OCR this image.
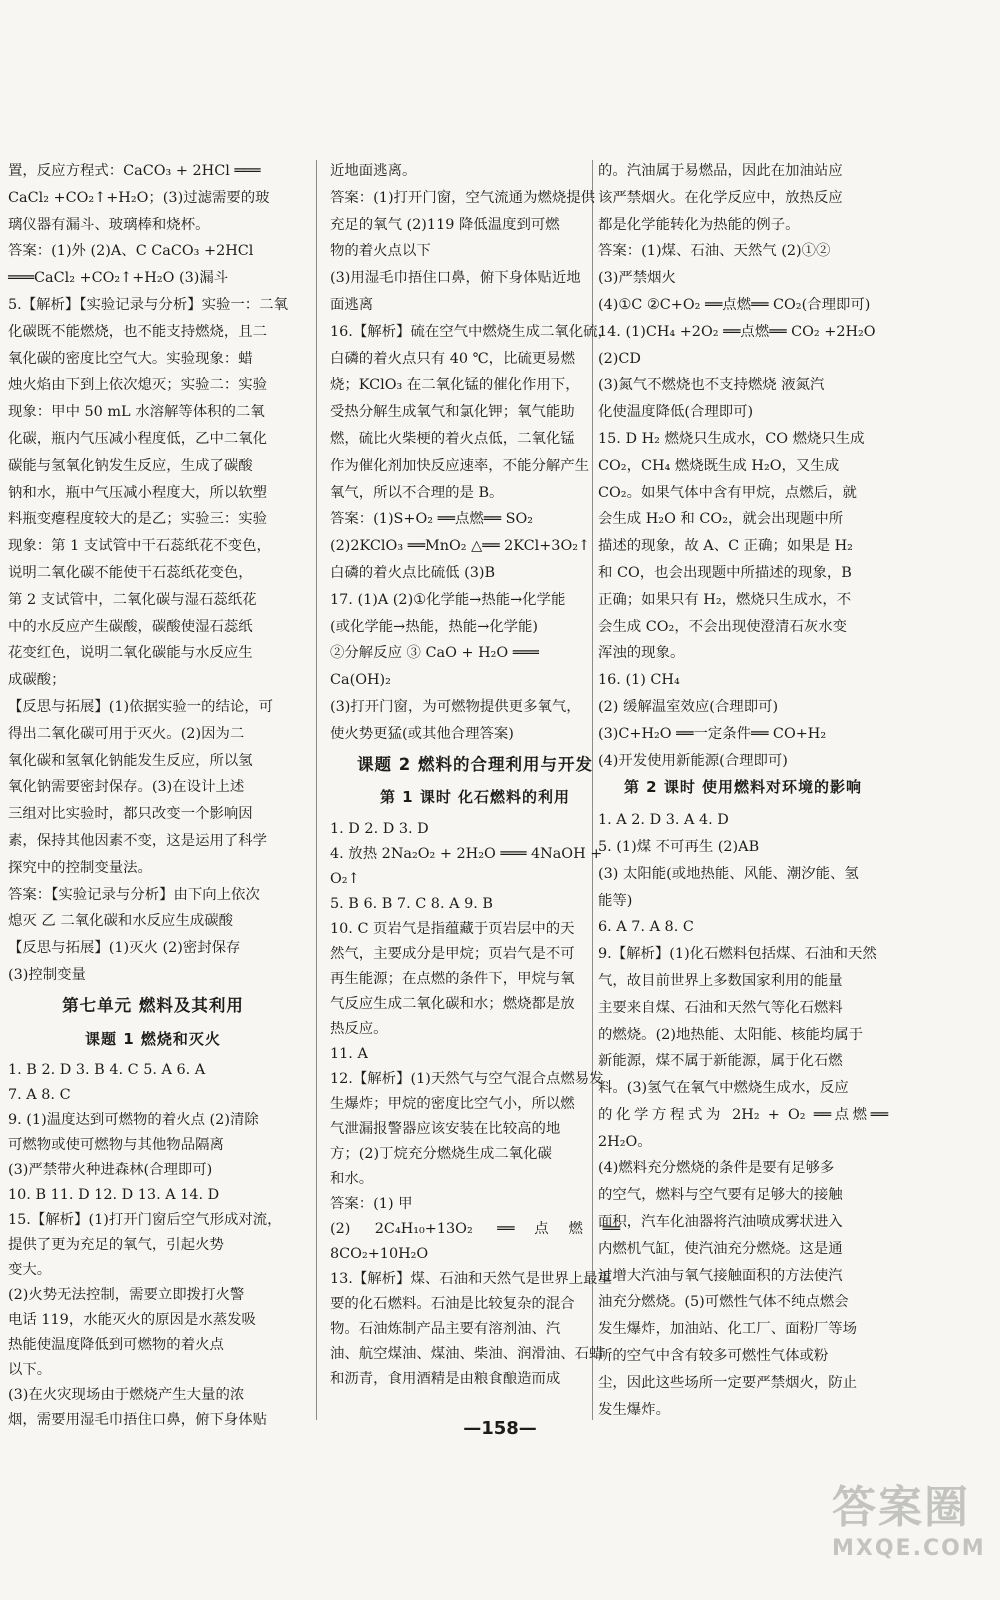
置，反应方程式：CaCO₃ + 2HCl ═══

CaCl₂ +CO₂↑+H₂O；(3)过滤需要的玻

璃仪器有漏斗、玻璃棒和烧杯。

答案：(1)外 (2)A、C CaCO₃ +2HCl

═══CaCl₂ +CO₂↑+H₂O (3)漏斗

5.【解析】【实验记录与分析】实验一：二氧

化碳既不能燃烧，也不能支持燃烧，且二

氧化碳的密度比空气大。实验现象：蜡

烛火焰由下到上依次熄灭；实验二：实验

现象：甲中 50 mL 水溶解等体积的二氧

化碳，瓶内气压减小程度低，乙中二氧化

碳能与氢氧化钠发生反应，生成了碳酸

钠和水，瓶中气压减小程度大，所以软塑

料瓶变瘪程度较大的是乙；实验三：实验

现象：第 1 支试管中干石蕊纸花不变色，

说明二氧化碳不能使干石蕊纸花变色，

第 2 支试管中，二氧化碳与湿石蕊纸花

中的水反应产生碳酸，碳酸使湿石蕊纸

花变红色，说明二氧化碳能与水反应生

成碳酸；

【反思与拓展】(1)依据实验一的结论，可

得出二氧化碳可用于灭火。(2)因为二

氧化碳和氢氧化钠能发生反应，所以氢

氧化钠需要密封保存。(3)在设计上述

三组对比实验时，都只改变一个影响因

素，保持其他因素不变，这是运用了科学

探究中的控制变量法。

答案：【实验记录与分析】由下向上依次

熄灭 乙 二氧化碳和水反应生成碳酸

【反思与拓展】(1)灭火 (2)密封保存

(3)控制变量

第七单元 燃料及其利用
课题 1 燃烧和灭火

1. B 2. D 3. B 4. C 5. A 6. A

7. A 8. C

9. (1)温度达到可燃物的着火点 (2)清除

可燃物或使可燃物与其他物品隔离

(3)严禁带火种进森林(合理即可)

10. B 11. D 12. D 13. A 14. D

15.【解析】(1)打开门窗后空气形成对流，

提供了更为充足的氧气，引起火势

变大。

(2)火势无法控制，需要立即拨打火警

电话 119，水能灭火的原因是水蒸发吸

热能使温度降低到可燃物的着火点

以下。

(3)在火灾现场由于燃烧产生大量的浓

烟，需要用湿毛巾捂住口鼻，俯下身体贴

近地面逃离。

答案：(1)打开门窗，空气流通为燃烧提供

充足的氧气 (2)119 降低温度到可燃

物的着火点以下

(3)用湿毛巾捂住口鼻，俯下身体贴近地

面逃离

16.【解析】硫在空气中燃烧生成二氧化硫，

白磷的着火点只有 40 ℃，比硫更易燃

烧；KClO₃ 在二氧化锰的催化作用下，

受热分解生成氧气和氯化钾；氧气能助

燃，硫比火柴梗的着火点低，二氧化锰

作为催化剂加快反应速率，不能分解产生

氧气，所以不合理的是 B。

答案：(1)S+O₂ ══点燃══ SO₂

(2)2KClO₃ ══MnO₂ △══ 2KCl+3O₂↑

白磷的着火点比硫低 (3)B

17. (1)A (2)①化学能→热能→化学能

(或化学能→热能，热能→化学能)

②分解反应 ③ CaO + H₂O ═══

Ca(OH)₂

(3)打开门窗，为可燃物提供更多氧气，

使火势更猛(或其他合理答案)

课题 2 燃料的合理利用与开发
第 1 课时 化石燃料的利用

1. D 2. D 3. D

4. 放热 2Na₂O₂ + 2H₂O ═══ 4NaOH +

O₂↑

5. B 6. B 7. C 8. A 9. B

10. C 页岩气是指蕴藏于页岩层中的天

然气，主要成分是甲烷；页岩气是不可

再生能源；在点燃的条件下，甲烷与氧

气反应生成二氧化碳和水；燃烧都是放

热反应。

11. A

12.【解析】(1)天然气与空气混合点燃易发

生爆炸；甲烷的密度比空气小，所以燃

气泄漏报警器应该安装在比较高的地

方；(2)丁烷充分燃烧生成二氧化碳

和水。

答案：(1) 甲

(2) 2C₄H₁₀+13O₂ ══点燃══ 8CO₂+10H₂O

13.【解析】煤、石油和天然气是世界上最重

要的化石燃料。石油是比较复杂的混合

物。石油炼制产品主要有溶剂油、汽

油、航空煤油、煤油、柴油、润滑油、石蜡

和沥青，食用酒精是由粮食酿造而成

的。汽油属于易燃品，因此在加油站应

该严禁烟火。在化学反应中，放热反应

都是化学能转化为热能的例子。

答案：(1)煤、石油、天然气 (2)①②

(3)严禁烟火

(4)①C ②C+O₂ ══点燃══ CO₂(合理即可)

14. (1)CH₄ +2O₂ ══点燃══ CO₂ +2H₂O

(2)CD

(3)氮气不燃烧也不支持燃烧 液氮汽

化使温度降低(合理即可)

15. D H₂ 燃烧只生成水，CO 燃烧只生成

CO₂，CH₄ 燃烧既生成 H₂O，又生成

CO₂。如果气体中含有甲烷，点燃后，就

会生成 H₂O 和 CO₂，就会出现题中所

描述的现象，故 A、C 正确；如果是 H₂

和 CO，也会出现题中所描述的现象，B

正确；如果只有 H₂，燃烧只生成水，不

会生成 CO₂，不会出现使澄清石灰水变

浑浊的现象。

16. (1) CH₄

(2) 缓解温室效应(合理即可)

(3)C+H₂O ══一定条件══ CO+H₂

(4)开发使用新能源(合理即可)

第 2 课时 使用燃料对环境的影响

1. A 2. D 3. A 4. D

5. (1)煤 不可再生 (2)AB

(3) 太阳能(或地热能、风能、潮汐能、氢

能等)

6. A 7. A 8. C

9.【解析】(1)化石燃料包括煤、石油和天然

气，故目前世界上多数国家利用的能量

主要来自煤、石油和天然气等化石燃料

的燃烧。(2)地热能、太阳能、核能均属于

新能源，煤不属于新能源，属于化石燃

料。(3)氢气在氧气中燃烧生成水，反应

的化学方程式为 2H₂ + O₂ ══点燃══ 2H₂O。

(4)燃料充分燃烧的条件是要有足够多

的空气，燃料与空气要有足够大的接触

面积，汽车化油器将汽油喷成雾状进入

内燃机气缸，使汽油充分燃烧。这是通

过增大汽油与氧气接触面积的方法使汽

油充分燃烧。(5)可燃性气体不纯点燃会

发生爆炸，加油站、化工厂、面粉厂等场

所的空气中含有较多可燃性气体或粉

尘，因此这些场所一定要严禁烟火，防止

发生爆炸。

—158—
答案圈
MXQE.COM
